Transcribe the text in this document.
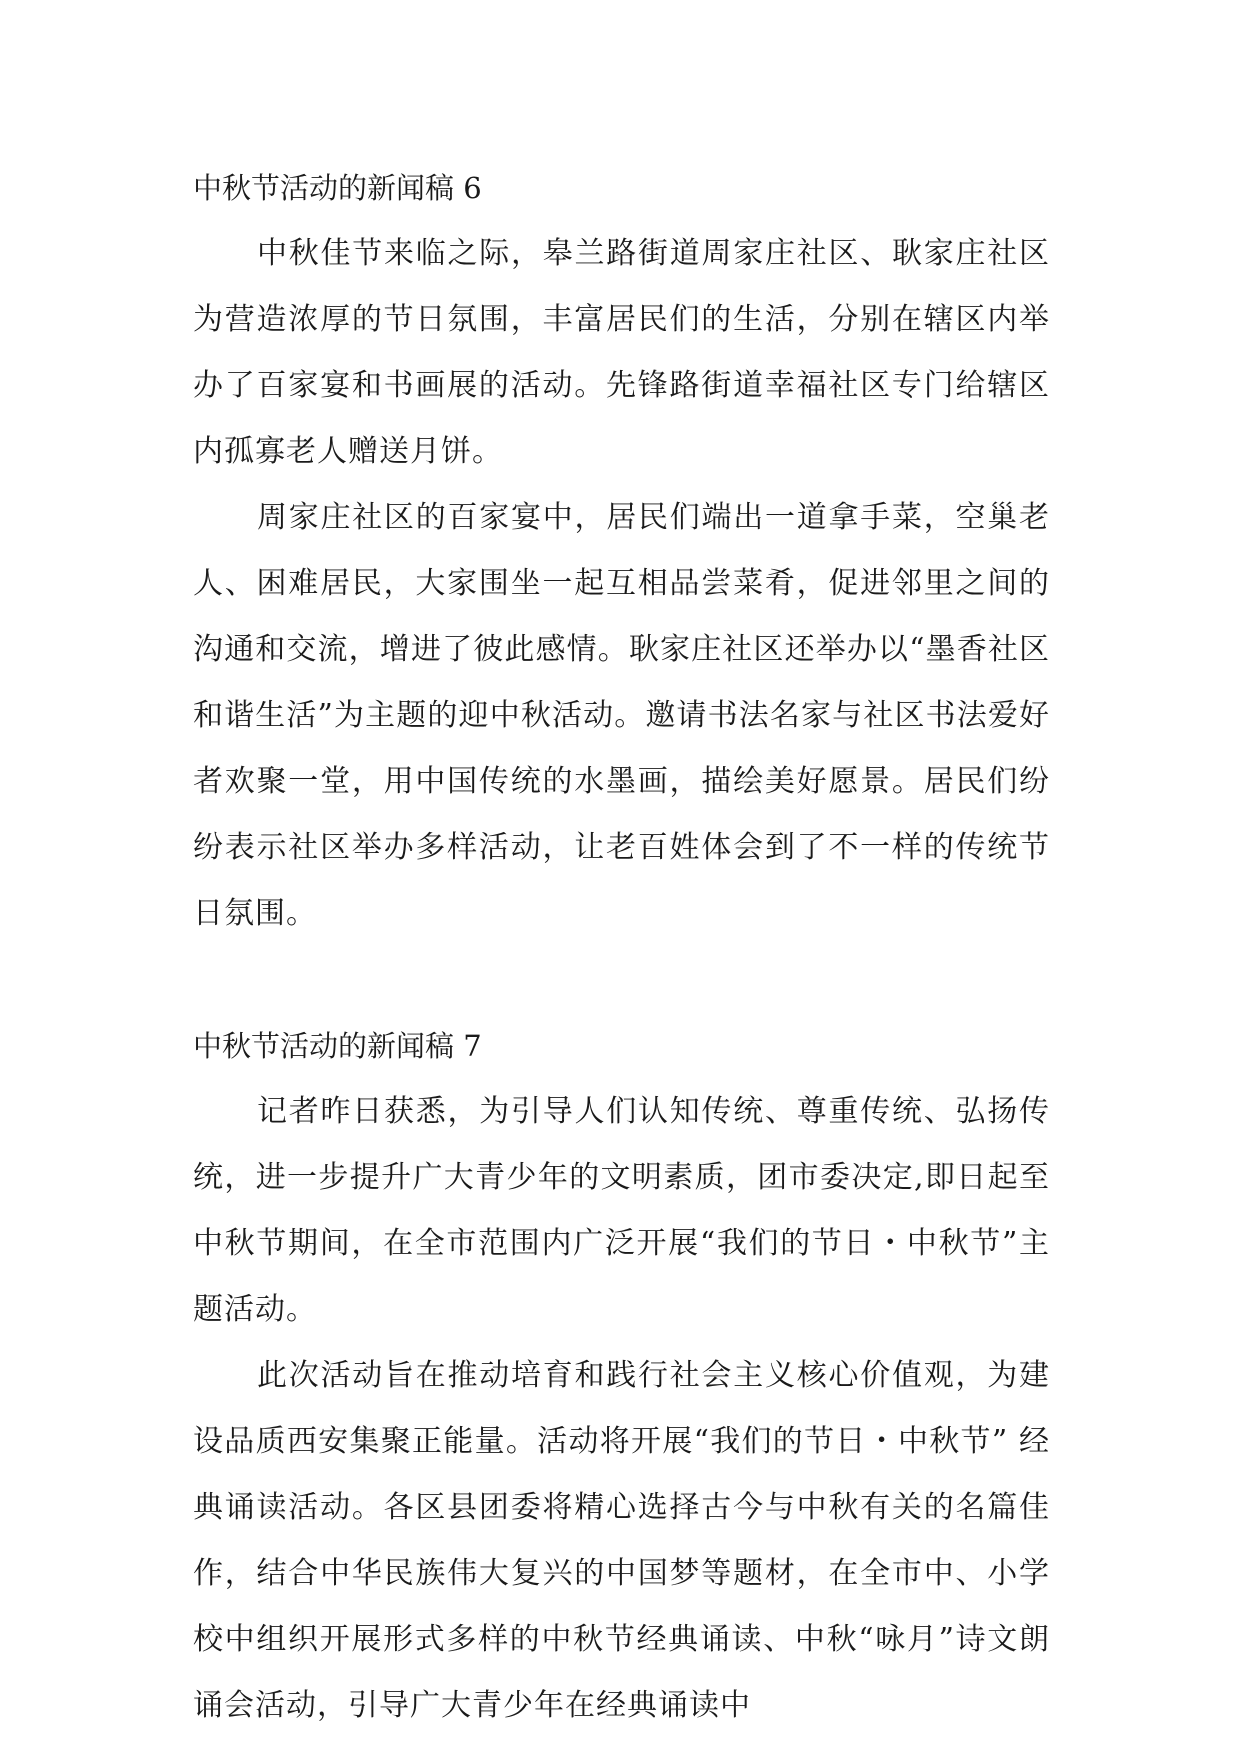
中秋节活动的新闻稿 6

中秋佳节来临之际，皋兰路街道周家庄社区、耿家庄社区为营造浓厚的节日氛围，丰富居民们的生活，分别在辖区内举办了百家宴和书画展的活动。先锋路街道幸福社区专门给辖区内孤寡老人赠送月饼。

周家庄社区的百家宴中，居民们端出一道拿手菜，空巢老人、困难居民，大家围坐一起互相品尝菜肴，促进邻里之间的沟通和交流，增进了彼此感情。耿家庄社区还举办以“墨香社区和谐生活”为主题的迎中秋活动。邀请书法名家与社区书法爱好者欢聚一堂，用中国传统的水墨画，描绘美好愿景。居民们纷纷表示社区举办多样活动，让老百姓体会到了不一样的传统节日氛围。

中秋节活动的新闻稿 7

记者昨日获悉，为引导人们认知传统、尊重传统、弘扬传统，进一步提升广大青少年的文明素质，团市委决定,即日起至中秋节期间，在全市范围内广泛开展“我们的节日・中秋节”主题活动。

此次活动旨在推动培育和践行社会主义核心价值观，为建设品质西安集聚正能量。活动将开展“我们的节日・中秋节” 经典诵读活动。各区县团委将精心选择古今与中秋有关的名篇佳作，结合中华民族伟大复兴的中国梦等题材，在全市中、小学校中组织开展形式多样的中秋节经典诵读、中秋“咏月”诗文朗诵会活动，引导广大青少年在经典诵读中
